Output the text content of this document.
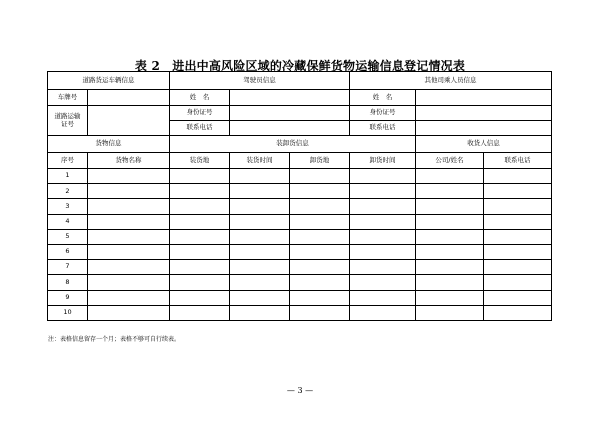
表 2　进出中高风险区域的冷藏保鲜货物运输信息登记情况表
道路货运车辆信息		驾驶员信息			其他司乘人员信息		
车牌号		姓　名			姓　名		
道路运输证号		身份证号			身份证号		
		联系电话			联系电话		
货物信息		装卸货信息				收货人信息	
序号	货物名称	装货地	装货时间	卸货地	卸货时间	公司/姓名	联系电话
1							
2							
3							
4							
5							
6							
7							
8							
9							
10							
注：表格信息留存一个月；表格不够可自行续表。
— 3 —
